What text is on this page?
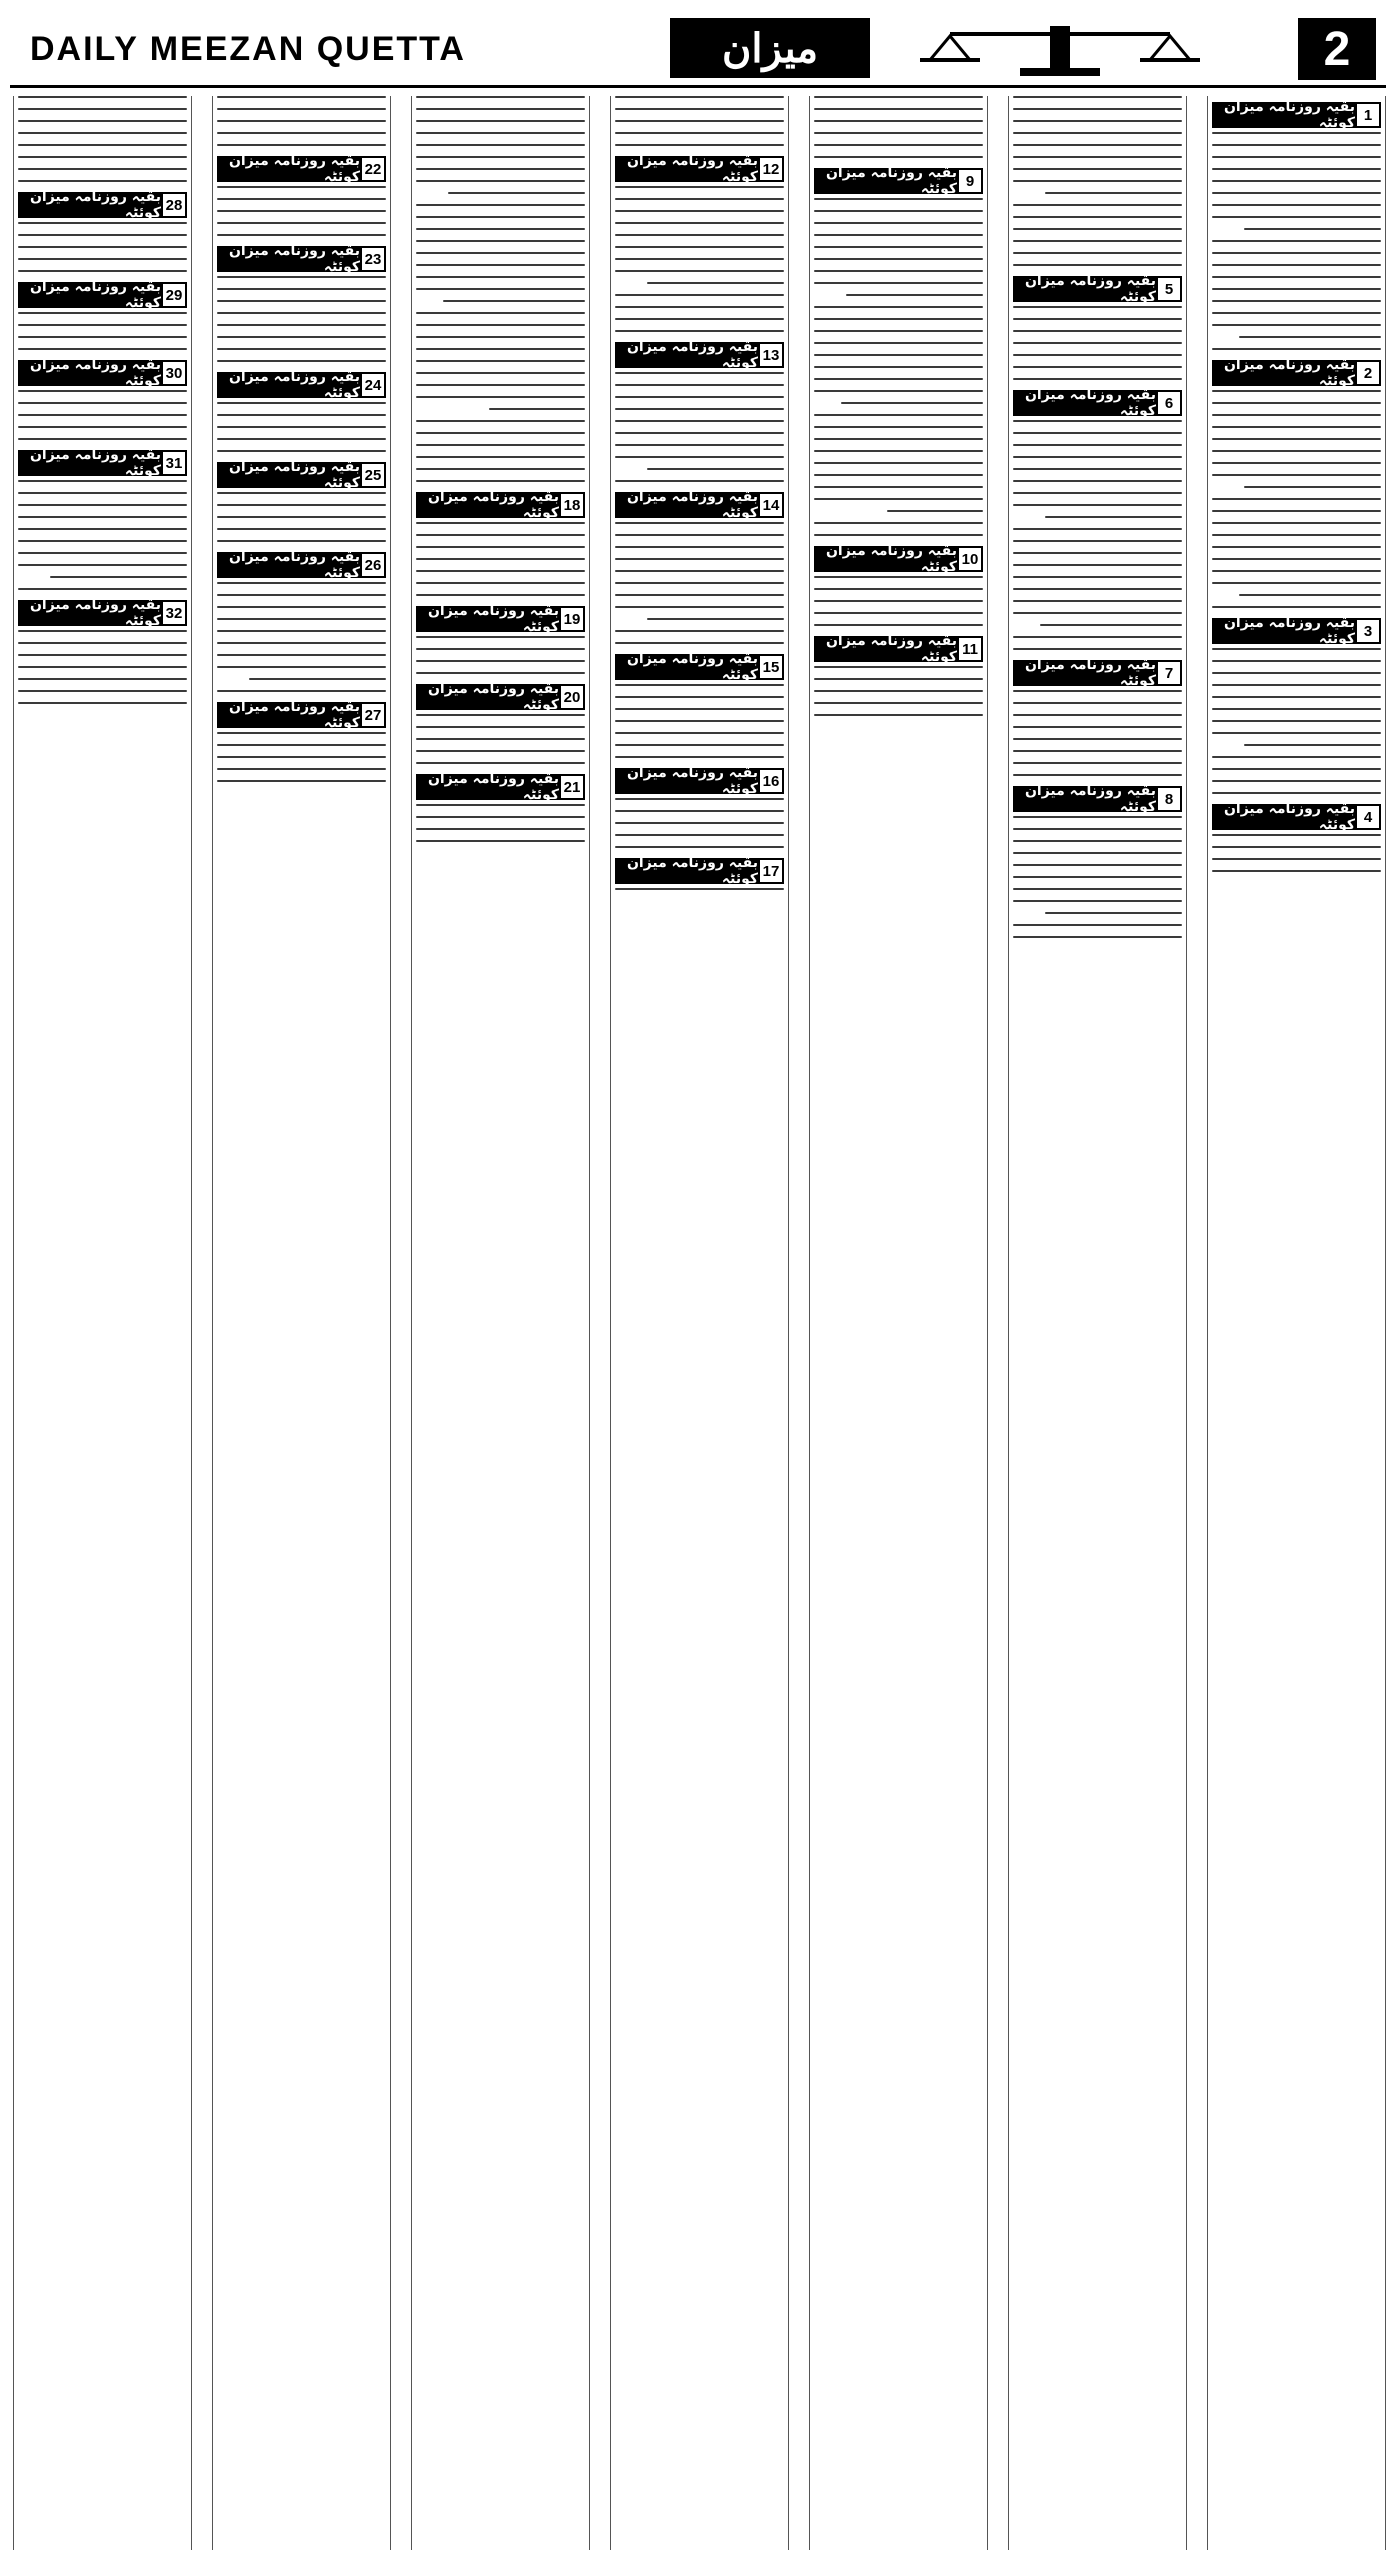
DAILY MEEZAN QUETTA	میزان	2
بقیہ روزنامہ میزان کوئٹہ 1
بقیہ روزنامہ میزان کوئٹہ 2
بقیہ روزنامہ میزان کوئٹہ 3
بقیہ روزنامہ میزان کوئٹہ 4
بقیہ روزنامہ میزان کوئٹہ 5
بقیہ روزنامہ میزان کوئٹہ 6
بقیہ روزنامہ میزان کوئٹہ 7
بقیہ روزنامہ میزان کوئٹہ 8
بقیہ روزنامہ میزان کوئٹہ 9
بقیہ روزنامہ میزان کوئٹہ 10
بقیہ روزنامہ میزان کوئٹہ 11
بقیہ روزنامہ میزان کوئٹہ 12
بقیہ روزنامہ میزان کوئٹہ 13
بقیہ روزنامہ میزان کوئٹہ 14
بقیہ روزنامہ میزان کوئٹہ 15
بقیہ روزنامہ میزان کوئٹہ 16
بقیہ روزنامہ میزان کوئٹہ 17
بقیہ روزنامہ میزان کوئٹہ 18
بقیہ روزنامہ میزان کوئٹہ 19
بقیہ روزنامہ میزان کوئٹہ 20
بقیہ روزنامہ میزان کوئٹہ 21
بقیہ روزنامہ میزان کوئٹہ 22
بقیہ روزنامہ میزان کوئٹہ 23
بقیہ روزنامہ میزان کوئٹہ 24
بقیہ روزنامہ میزان کوئٹہ 25
بقیہ روزنامہ میزان کوئٹہ 26
بقیہ روزنامہ میزان کوئٹہ 27
بقیہ روزنامہ میزان کوئٹہ 28
بقیہ روزنامہ میزان کوئٹہ 29
بقیہ روزنامہ میزان کوئٹہ 30
بقیہ روزنامہ میزان کوئٹہ 31
بقیہ روزنامہ میزان کوئٹہ 32
